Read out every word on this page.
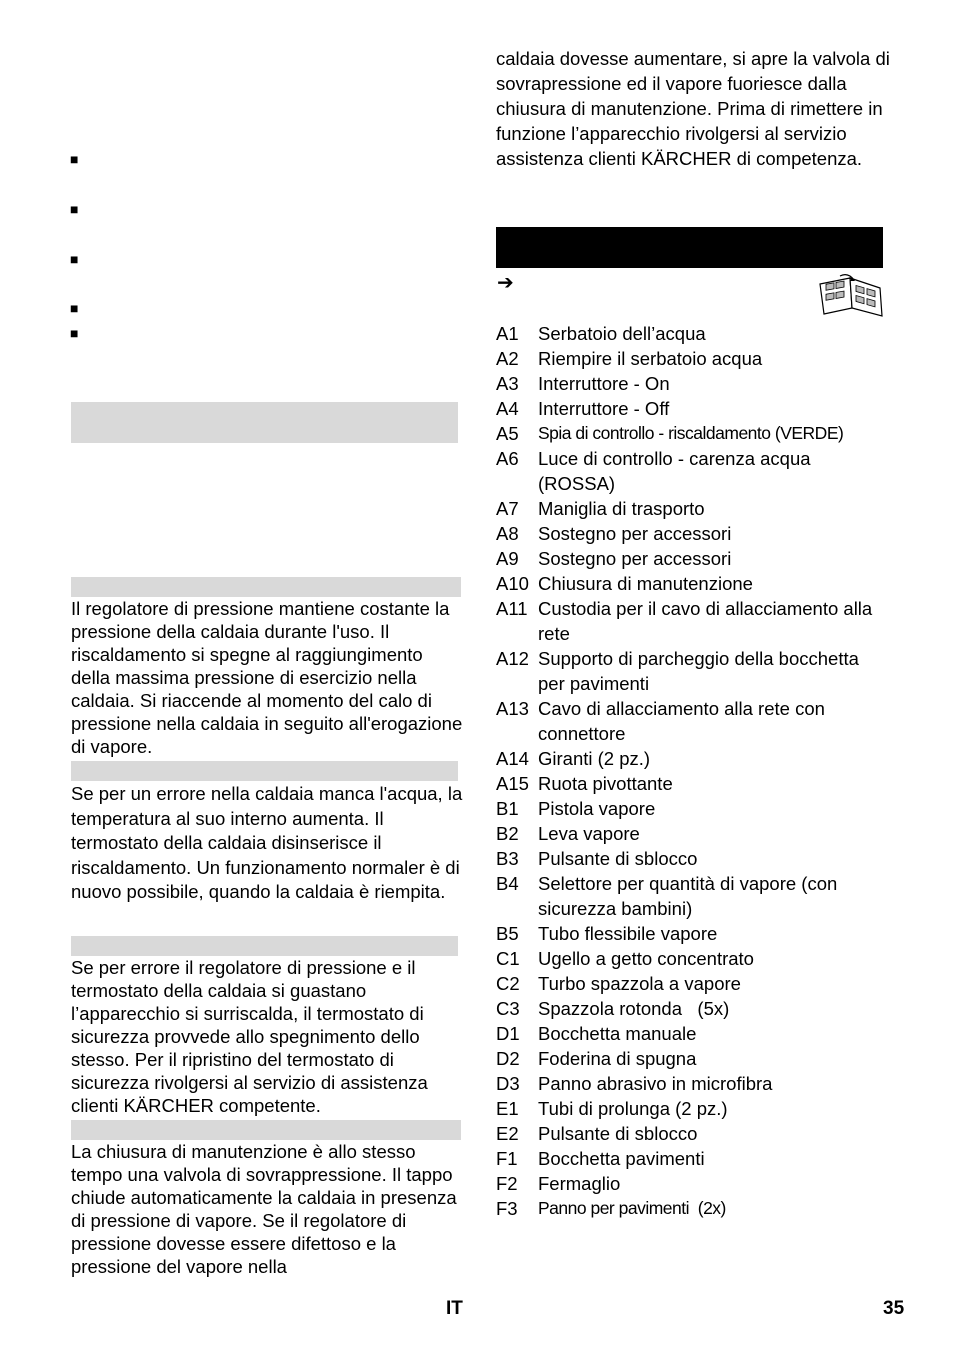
■
■
■
■
■
Il regolatore di pressione mantiene costante la pressione della caldaia durante l'uso. Il riscaldamento si spegne al raggiungimento della massima pressione di esercizio nella caldaia. Si riaccende al momento del calo di pressione nella caldaia in seguito all'erogazione di vapore.
Se per un errore nella caldaia manca l'acqua, la temperatura al suo interno aumenta. Il termostato della caldaia disinserisce il riscaldamento. Un funzionamento normaler è di nuovo possibile, quando la caldaia è riempita.
Se per errore il regolatore di pressione e il termostato della caldaia si guastano l’apparecchio si surriscalda, il termostato di sicurezza provvede allo spegnimento dello stesso. Per il ripristino del termostato di sicurezza rivolgersi al servizio di assistenza clienti KÄRCHER competente.
La chiusura di manutenzione è allo stesso tempo una valvola di sovrappressione. Il tappo chiude automaticamente la caldaia in presenza di pressione di vapore. Se il regolatore di pressione dovesse essere difettoso e la pressione del vapore nella
caldaia dovesse aumentare, si apre la valvola di sovrapressione ed il vapore fuoriesce dalla chiusura di manutenzione. Prima di rimettere in funzione l’apparecchio rivolgersi al servizio assistenza clienti KÄRCHER di competenza.
➔
A1 Serbatoio dell’acqua
A2 Riempire il serbatoio acqua
A3 Interruttore - On
A4 Interruttore - Off
A5 Spia di controllo - riscaldamento (VERDE)
A6 Luce di controllo - carenza acqua (ROSSA)
A7 Maniglia di trasporto
A8 Sostegno per accessori
A9 Sostegno per accessori
A10 Chiusura di manutenzione
A11 Custodia per il cavo di allacciamento alla rete
A12 Supporto di parcheggio della bocchetta per pavimenti
A13 Cavo di allacciamento alla rete con connettore
A14 Giranti (2 pz.)
A15 Ruota pivottante
B1 Pistola vapore
B2 Leva vapore
B3 Pulsante di sblocco
B4 Selettore per quantità di vapore (con sicurezza bambini)
B5 Tubo flessibile vapore
C1 Ugello a getto concentrato
C2 Turbo spazzola a vapore
C3 Spazzola rotonda   (5x)
D1 Bocchetta manuale
D2 Foderina di spugna
D3 Panno abrasivo in microfibra
E1 Tubi di prolunga (2 pz.)
E2 Pulsante di sblocco
F1 Bocchetta pavimenti
F2 Fermaglio
F3 Panno per pavimenti  (2x)
IT	35
